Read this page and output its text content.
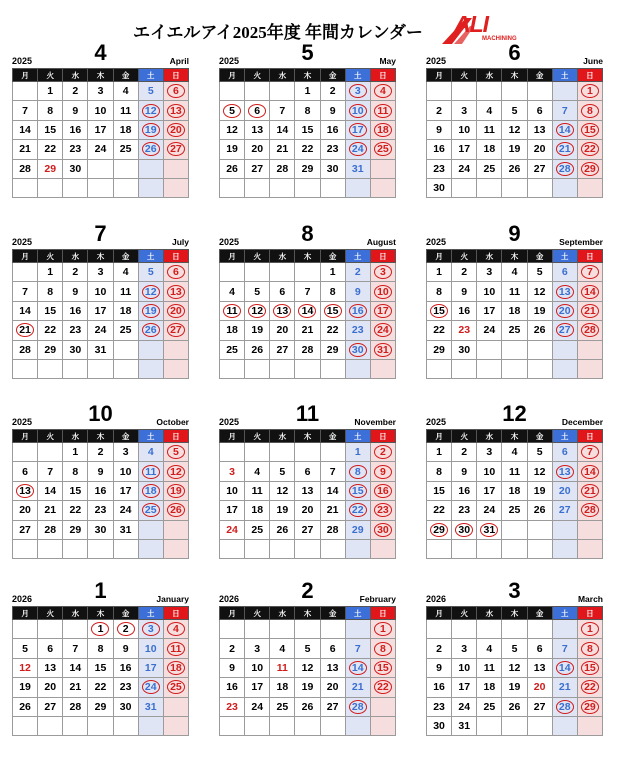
エイエルアイ2025年度 年間カレンダー ALI
MACHINING
2025	4	April
月	火	水	木	金	土	日
	1	2	3	4	5	6

7	8	9	10	11	12	13

14	15	16	17	18	19	20

21	22	23	24	25	26	27

28	29	30				

2025	5	May
月	火	水	木	金	土	日
			1	2	3	4

5	6	7	8	9	10	11

12	13	14	15	16	17	18

19	20	21	22	23	24	25

26	27	28	29	30	31	

2025	6	June
月	火	水	木	金	土	日
						1

2	3	4	5	6	7	8

9	10	11	12	13	14	15

16	17	18	19	20	21	22

23	24	25	26	27	28	29

30						
2025	7	July
月	火	水	木	金	土	日
	1	2	3	4	5	6

7	8	9	10	11	12	13

14	15	16	17	18	19	20

21	22	23	24	25	26	27

28	29	30	31			

2025	8	August
月	火	水	木	金	土	日
				1	2	3

4	5	6	7	8	9	10

11	12	13	14	15	16	17

18	19	20	21	22	23	24

25	26	27	28	29	30	31

2025	9	September
月	火	水	木	金	土	日
1	2	3	4	5	6	7

8	9	10	11	12	13	14

15	16	17	18	19	20	21

22	23	24	25	26	27	28

29	30					

2025	10	October
月	火	水	木	金	土	日
		1	2	3	4	5

6	7	8	9	10	11	12

13	14	15	16	17	18	19

20	21	22	23	24	25	26

27	28	29	30	31		

2025	11	November
月	火	水	木	金	土	日
					1	2

3	4	5	6	7	8	9

10	11	12	13	14	15	16

17	18	19	20	21	22	23

24	25	26	27	28	29	30

2025	12	December
月	火	水	木	金	土	日
1	2	3	4	5	6	7

8	9	10	11	12	13	14

15	16	17	18	19	20	21

22	23	24	25	26	27	28

29	30	31

2026	1	January
月	火	水	木	金	土	日
			1	2	3	4

5	6	7	8	9	10	11

12	13	14	15	16	17	18

19	20	21	22	23	24	25

26	27	28	29	30	31	

2026	2	February
月	火	水	木	金	土	日
						1

2	3	4	5	6	7	8

9	10	11	12	13	14	15

16	17	18	19	20	21	22

23	24	25	26	27	28

2026	3	March
月	火	水	木	金	土	日
						1

2	3	4	5	6	7	8

9	10	11	12	13	14	15

16	17	18	19	20	21	22

23	24	25	26	27	28	29

30	31					
